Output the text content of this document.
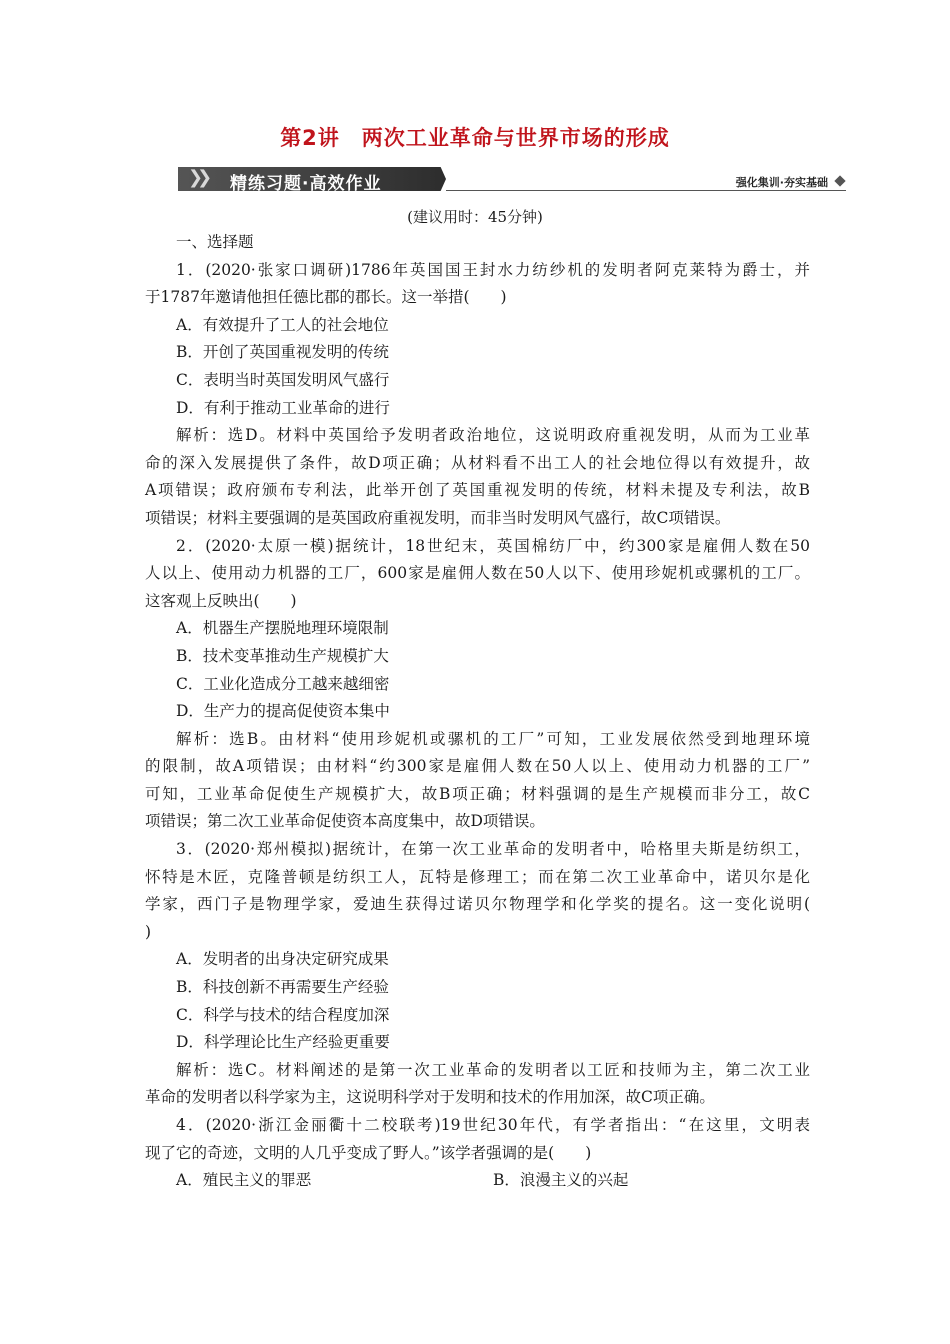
第2讲　两次工业革命与世界市场的形成
❯❯ 精练习题·高效作业	强化集训·夯实基础
(建议用时：45分钟)
一、选择题
1．(2020·张家口调研)1786年英国国王封水力纺纱机的发明者阿克莱特为爵士，并
于1787年邀请他担任德比郡的郡长。这一举措(　　)
A．有效提升了工人的社会地位
B．开创了英国重视发明的传统
C．表明当时英国发明风气盛行
D．有利于推动工业革命的进行
解析：选D。材料中英国给予发明者政治地位，这说明政府重视发明，从而为工业革
命的深入发展提供了条件，故D项正确；从材料看不出工人的社会地位得以有效提升，故
A项错误；政府颁布专利法，此举开创了英国重视发明的传统，材料未提及专利法，故B
项错误；材料主要强调的是英国政府重视发明，而非当时发明风气盛行，故C项错误。
2．(2020·太原一模)据统计，18世纪末，英国棉纺厂中，约300家是雇佣人数在50
人以上、使用动力机器的工厂，600家是雇佣人数在50人以下、使用珍妮机或骡机的工厂。
这客观上反映出(　　)
A．机器生产摆脱地理环境限制
B．技术变革推动生产规模扩大
C．工业化造成分工越来越细密
D．生产力的提高促使资本集中
解析：选B。由材料“使用珍妮机或骡机的工厂”可知，工业发展依然受到地理环境
的限制，故A项错误；由材料“约300家是雇佣人数在50人以上、使用动力机器的工厂”
可知，工业革命促使生产规模扩大，故B项正确；材料强调的是生产规模而非分工，故C
项错误；第二次工业革命促使资本高度集中，故D项错误。
3．(2020·郑州模拟)据统计，在第一次工业革命的发明者中，哈格里夫斯是纺织工，
怀特是木匠，克隆普顿是纺织工人，瓦特是修理工；而在第二次工业革命中，诺贝尔是化
学家，西门子是物理学家，爱迪生获得过诺贝尔物理学和化学奖的提名。这一变化说明(
)
A．发明者的出身决定研究成果
B．科技创新不再需要生产经验
C．科学与技术的结合程度加深
D．科学理论比生产经验更重要
解析：选C。材料阐述的是第一次工业革命的发明者以工匠和技师为主，第二次工业
革命的发明者以科学家为主，这说明科学对于发明和技术的作用加深，故C项正确。
4．(2020·浙江金丽衢十二校联考)19世纪30年代，有学者指出：“在这里，文明表
现了它的奇迹，文明的人几乎变成了野人。”该学者强调的是(　　)
A．殖民主义的罪恶	B．浪漫主义的兴起
